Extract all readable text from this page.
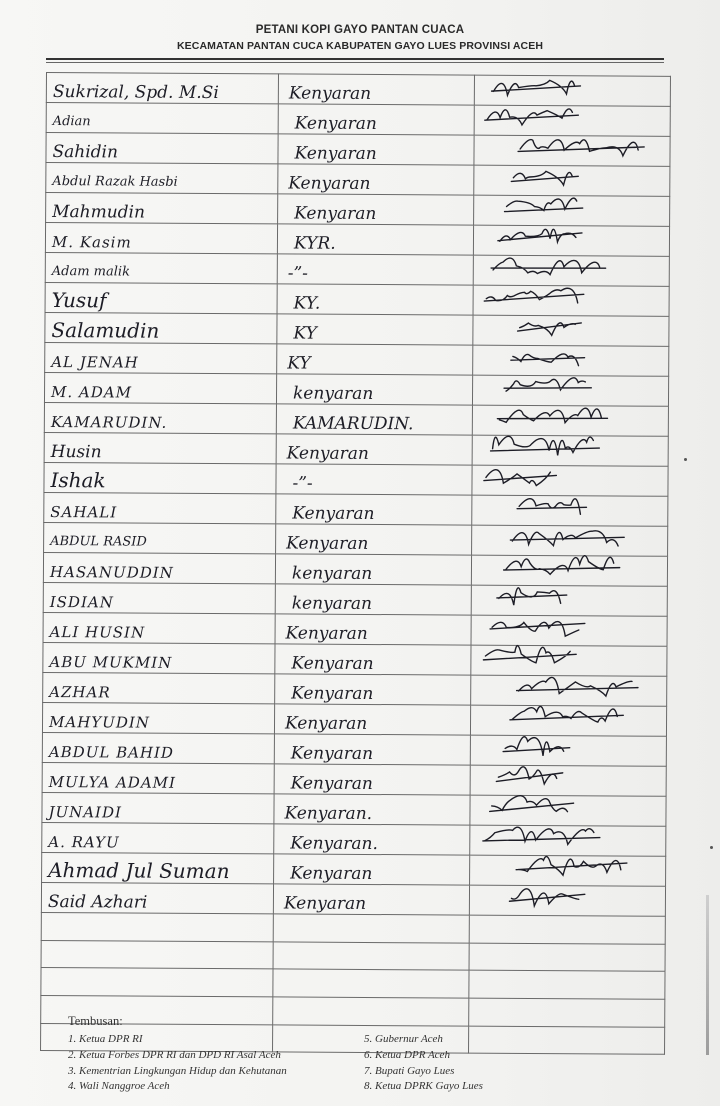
PETANI KOPI GAYO PANTAN CUACA
KECAMATAN PANTAN CUCA KABUPATEN GAYO LUES PROVINSI ACEH
Sukrizal, Spd. M.Si	Kenyaran	

Adian	Kenyaran	

Sahidin	Kenyaran	

Abdul Razak Hasbi	Kenyaran	

Mahmudin	Kenyaran	

M. Kasim	KYR.	

Adam malik	-”-	

Yusuf	KY.	

Salamudin	KY	

AL JENAH	KY	

M. ADAM	kenyaran	

KAMARUDIN.	KAMARUDIN.	

Husin	Kenyaran	

Ishak	-”-	

SAHALI	Kenyaran	

ABDUL RASID	Kenyaran	

HASANUDDIN	kenyaran	

ISDIAN	kenyaran	

ALI HUSIN	Kenyaran	

ABU MUKMIN	Kenyaran	

AZHAR	Kenyaran	

MAHYUDIN	Kenyaran	

ABDUL BAHID	Kenyaran	

MULYA ADAMI	Kenyaran	

JUNAIDI	Kenyaran.	

A. RAYU	Kenyaran.	

Ahmad Jul Suman	Kenyaran	

Said Azhari	Kenyaran	

Tembusan:
1. Ketua DPR RI
2. Ketua Forbes DPR RI dan DPD RI Asal Aceh
3. Kementrian Lingkungan Hidup dan Kehutanan
4. Wali Nanggroe Aceh
5. Gubernur Aceh
6. Ketua DPR Aceh
7. Bupati Gayo Lues
8. Ketua DPRK Gayo Lues
